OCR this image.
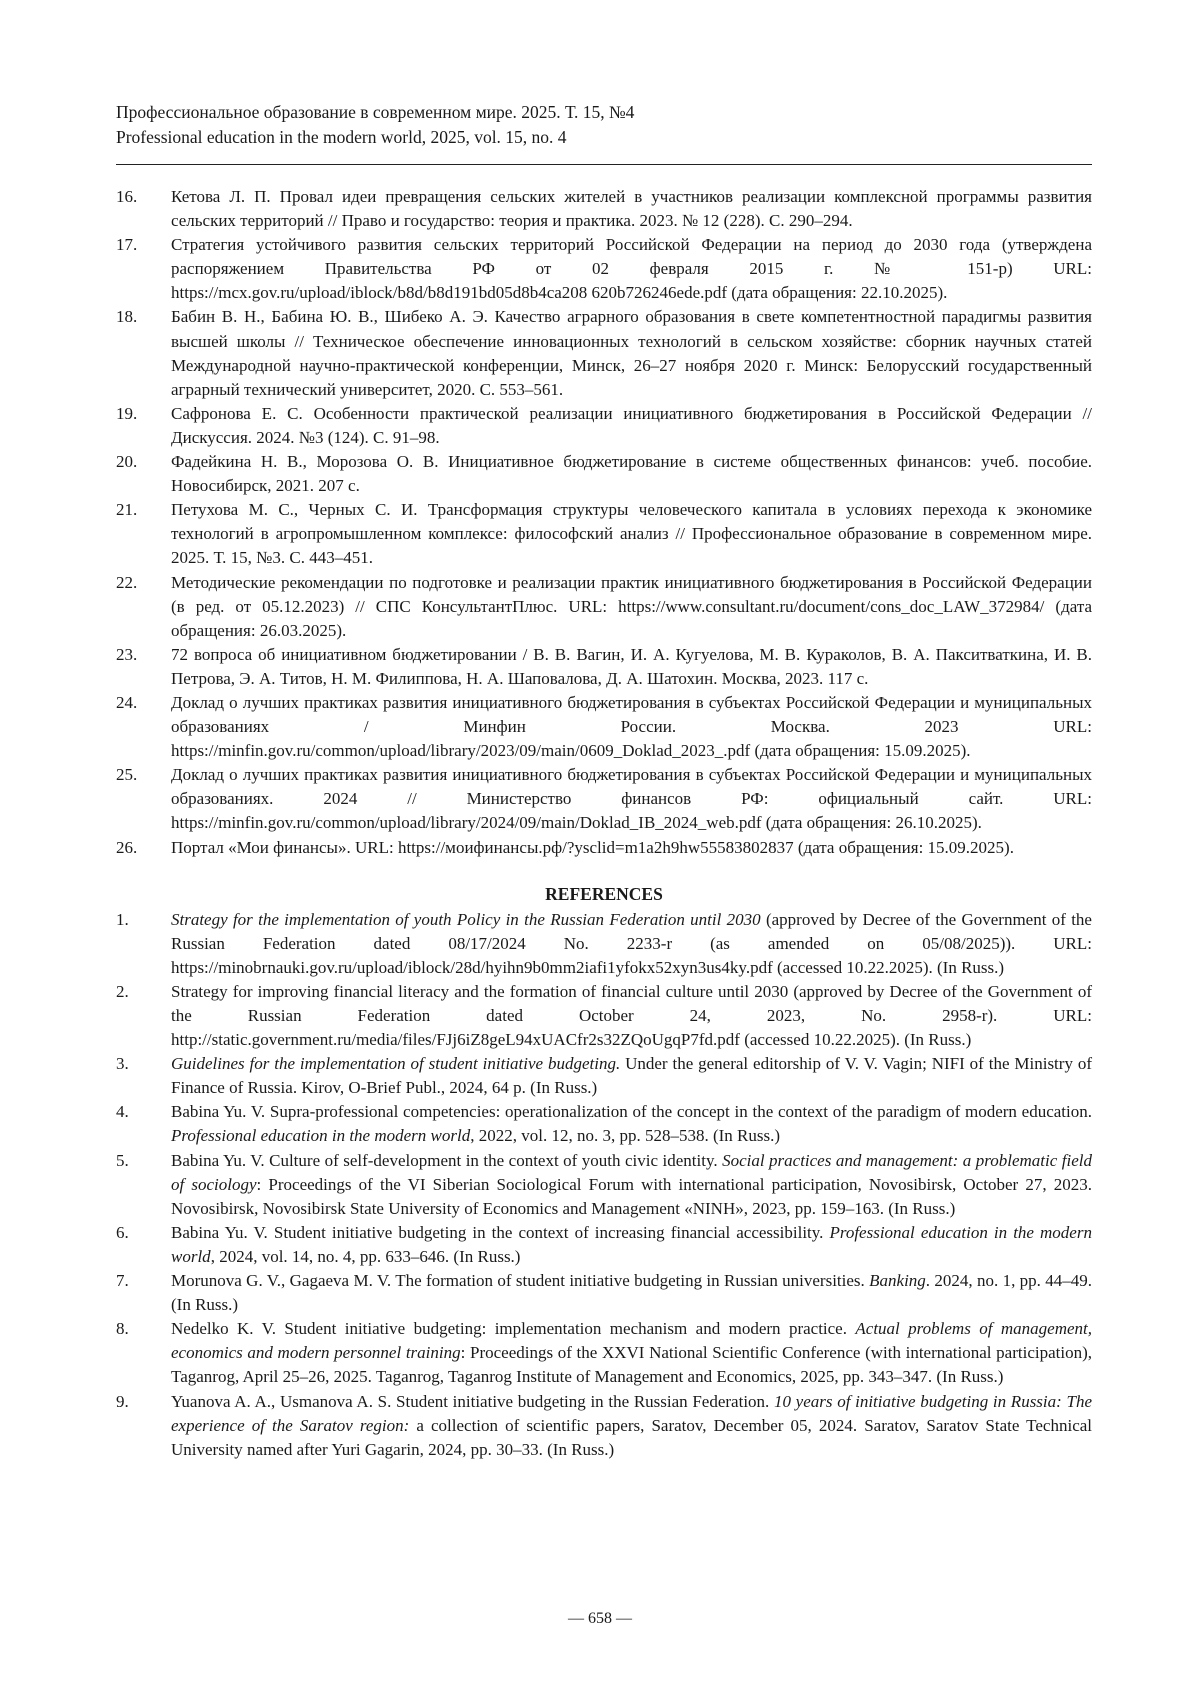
Профессиональное образование в современном мире. 2025. Т. 15, №4
Professional education in the modern world, 2025, vol. 15, no. 4
16. Кетова Л. П. Провал идеи превращения сельских жителей в участников реализации комплексной программы развития сельских территорий // Право и государство: теория и практика. 2023. № 12 (228). С. 290–294.
17. Стратегия устойчивого развития сельских территорий Российской Федерации на период до 2030 года (утверждена распоряжением Правительства РФ от 02 февраля 2015 г. № 151-р) URL: https://mcx.gov.ru/upload/iblock/b8d/b8d191bd05d8b4ca208 620b726246ede.pdf (дата обращения: 22.10.2025).
18. Бабин В. Н., Бабина Ю. В., Шибеко А. Э. Качество аграрного образования в свете компетентностной парадигмы развития высшей школы // Техническое обеспечение инновационных технологий в сельском хозяйстве: сборник научных статей Международной научно-практической конференции, Минск, 26–27 ноября 2020 г. Минск: Белорусский государственный аграрный технический университет, 2020. С. 553–561.
19. Сафронова Е. С. Особенности практической реализации инициативного бюджетирования в Российской Федерации // Дискуссия. 2024. №3 (124). С. 91–98.
20. Фадейкина Н. В., Морозова О. В. Инициативное бюджетирование в системе общественных финансов: учеб. пособие. Новосибирск, 2021. 207 с.
21. Петухова М. С., Черных С. И. Трансформация структуры человеческого капитала в условиях перехода к экономике технологий в агропромышленном комплексе: философский анализ // Профессиональное образование в современном мире. 2025. Т. 15, №3. С. 443–451.
22. Методические рекомендации по подготовке и реализации практик инициативного бюджетирования в Российской Федерации (в ред. от 05.12.2023) // СПС КонсультантПлюс. URL: https://www.consultant.ru/document/cons_doc_LAW_372984/ (дата обращения: 26.03.2025).
23. 72 вопроса об инициативном бюджетировании / В. В. Вагин, И. А. Кугуелова, М. В. Кураколов, В. А. Пакситваткина, И. В. Петрова, Э. А. Титов, Н. М. Филиппова, Н. А. Шаповалова, Д. А. Шатохин. Москва, 2023. 117 с.
24. Доклад о лучших практиках развития инициативного бюджетирования в субъектах Российской Федерации и муниципальных образованиях / Минфин России. Москва. 2023 URL: https://minfin.gov.ru/common/upload/library/2023/09/main/0609_Doklad_2023_.pdf (дата обращения: 15.09.2025).
25. Доклад о лучших практиках развития инициативного бюджетирования в субъектах Российской Федерации и муниципальных образованиях. 2024 // Министерство финансов РФ: официальный сайт. URL: https://minfin.gov.ru/common/upload/library/2024/09/main/Doklad_IB_2024_web.pdf (дата обращения: 26.10.2025).
26. Портал «Мои финансы». URL: https://моифинансы.рф/?ysclid=m1a2h9hw55583802837 (дата обращения: 15.09.2025).
REFERENCES
1. Strategy for the implementation of youth Policy in the Russian Federation until 2030 (approved by Decree of the Government of the Russian Federation dated 08/17/2024 No. 2233-r (as amended on 05/08/2025)). URL: https://minobrnauki.gov.ru/upload/iblock/28d/hyihn9b0mm2iafi1yfokx52xyn3us4ky.pdf (accessed 10.22.2025). (In Russ.)
2. Strategy for improving financial literacy and the formation of financial culture until 2030 (approved by Decree of the Government of the Russian Federation dated October 24, 2023, No. 2958-r). URL: http://static.government.ru/media/files/FJj6iZ8geL94xUACfr2s32ZQoUgqP7fd.pdf (accessed 10.22.2025). (In Russ.)
3. Guidelines for the implementation of student initiative budgeting. Under the general editorship of V. V. Vagin; NIFI of the Ministry of Finance of Russia. Kirov, O-Brief Publ., 2024, 64 p. (In Russ.)
4. Babina Yu. V. Supra-professional competencies: operationalization of the concept in the context of the paradigm of modern education. Professional education in the modern world, 2022, vol. 12, no. 3, pp. 528–538. (In Russ.)
5. Babina Yu. V. Culture of self-development in the context of youth civic identity. Social practices and management: a problematic field of sociology: Proceedings of the VI Siberian Sociological Forum with international participation, Novosibirsk, October 27, 2023. Novosibirsk, Novosibirsk State University of Economics and Management «NINH», 2023, pp. 159–163. (In Russ.)
6. Babina Yu. V. Student initiative budgeting in the context of increasing financial accessibility. Professional education in the modern world, 2024, vol. 14, no. 4, pp. 633–646. (In Russ.)
7. Morunova G. V., Gagaeva M. V. The formation of student initiative budgeting in Russian universities. Banking. 2024, no. 1, pp. 44–49. (In Russ.)
8. Nedelko K. V. Student initiative budgeting: implementation mechanism and modern practice. Actual problems of management, economics and modern personnel training: Proceedings of the XXVI National Scientific Conference (with international participation), Taganrog, April 25–26, 2025. Taganrog, Taganrog Institute of Management and Economics, 2025, pp. 343–347. (In Russ.)
9. Yuanova A. A., Usmanova A. S. Student initiative budgeting in the Russian Federation. 10 years of initiative budgeting in Russia: The experience of the Saratov region: a collection of scientific papers, Saratov, December 05, 2024. Saratov, Saratov State Technical University named after Yuri Gagarin, 2024, pp. 30–33. (In Russ.)
— 658 —
